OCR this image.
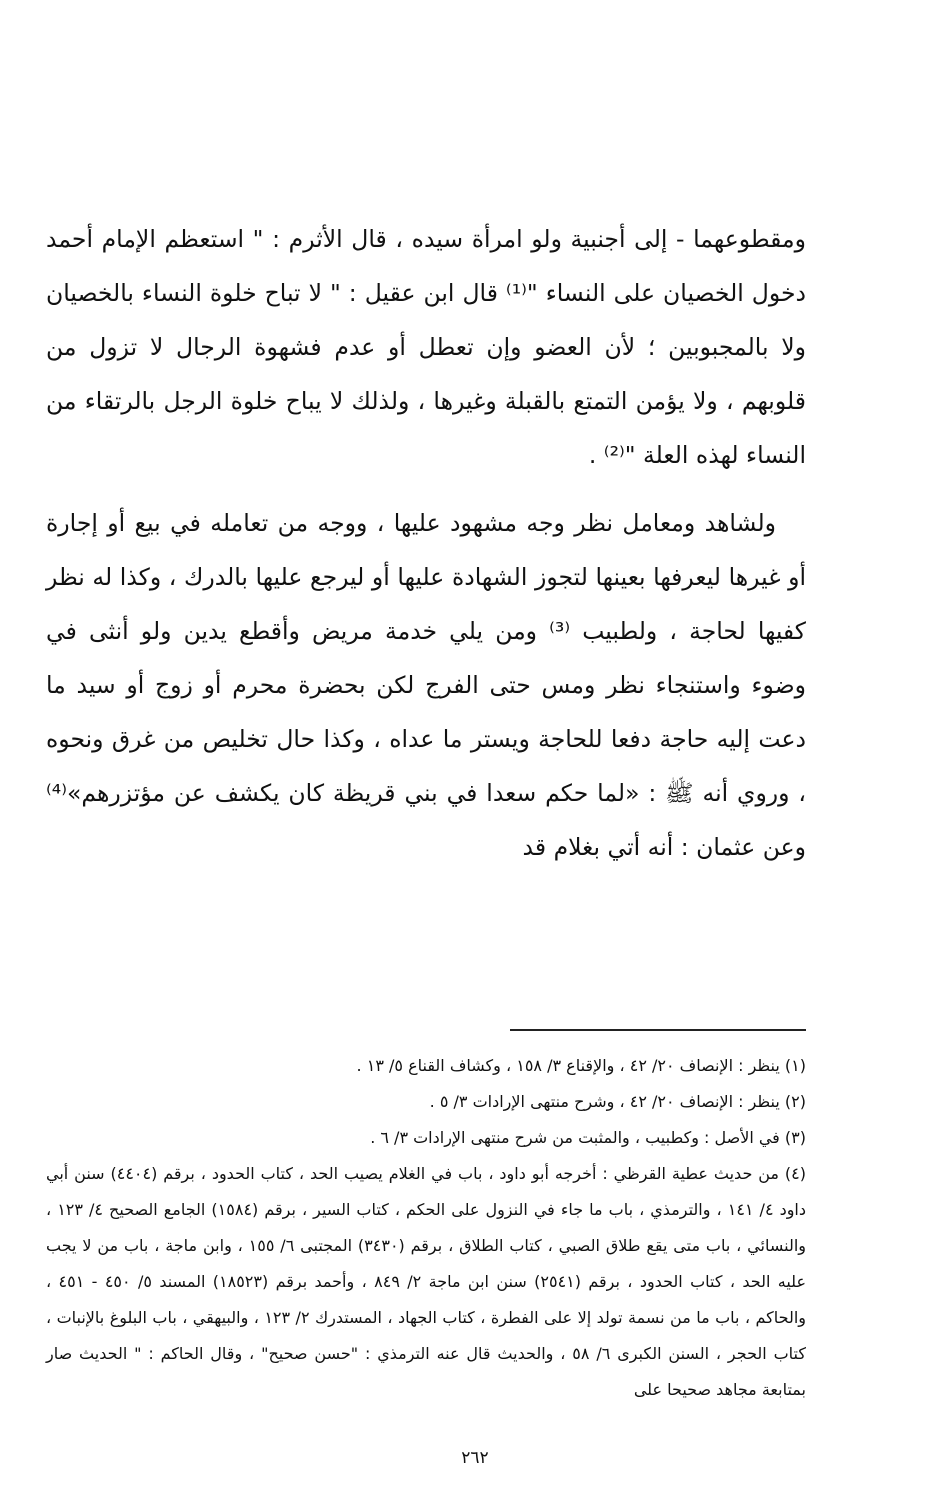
ومقطوعهما - إلى أجنبية ولو امرأة سيده ، قال الأثرم : " استعظم الإمام أحمد دخول الخصيان على النساء "⁽¹⁾ قال ابن عقيل : " لا تباح خلوة النساء بالخصيان ولا بالمجبوبين ؛ لأن العضو وإن تعطل أو عدم فشهوة الرجال لا تزول من قلوبهم ، ولا يؤمن التمتع بالقبلة وغيرها ، ولذلك لا يباح خلوة الرجل بالرتقاء من النساء لهذه العلة "⁽²⁾ .

ولشاهد ومعامل نظر وجه مشهود عليها ، ووجه من تعامله في بيع أو إجارة أو غيرها ليعرفها بعينها لتجوز الشهادة عليها أو ليرجع عليها بالدرك ، وكذا له نظر كفيها لحاجة ، ولطبيب ⁽³⁾ ومن يلي خدمة مريض وأقطع يدين ولو أنثى في وضوء واستنجاء نظر ومس حتى الفرج لكن بحضرة محرم أو زوج أو سيد ما دعت إليه حاجة دفعا للحاجة ويستر ما عداه ، وكذا حال تخليص من غرق ونحوه ، وروي أنه ﷺ : «لما حكم سعدا في بني قريظة كان يكشف عن مؤتزرهم»⁽⁴⁾ وعن عثمان : أنه أتي بغلام قد

(١) ينظر : الإنصاف ٢٠/ ٤٢ ، والإقناع ٣/ ١٥٨ ، وكشاف القناع ٥/ ١٣ .

(٢) ينظر : الإنصاف ٢٠/ ٤٢ ، وشرح منتهى الإرادات ٣/ ٥ .

(٣) في الأصل : وكطبيب ، والمثبت من شرح منتهى الإرادات ٣/ ٦ .

(٤) من حديث عطية القرظي : أخرجه أبو داود ، باب في الغلام يصيب الحد ، كتاب الحدود ، برقم (٤٤٠٤) سنن أبي داود ٤/ ١٤١ ، والترمذي ، باب ما جاء في النزول على الحكم ، كتاب السير ، برقم (١٥٨٤) الجامع الصحيح ٤/ ١٢٣ ، والنسائي ، باب متى يقع طلاق الصبي ، كتاب الطلاق ، برقم (٣٤٣٠) المجتبى ٦/ ١٥٥ ، وابن ماجة ، باب من لا يجب عليه الحد ، كتاب الحدود ، برقم (٢٥٤١) سنن ابن ماجة ٢/ ٨٤٩ ، وأحمد برقم (١٨٥٢٣) المسند ٥/ ٤٥٠ - ٤٥١ ، والحاكم ، باب ما من نسمة تولد إلا على الفطرة ، كتاب الجهاد ، المستدرك ٢/ ١٢٣ ، والبيهقي ، باب البلوغ بالإنبات ، كتاب الحجر ، السنن الكبرى ٦/ ٥٨ ، والحديث قال عنه الترمذي : "حسن صحيح" ، وقال الحاكم : " الحديث صار بمتابعة مجاهد صحيحا على

٢٦٢
